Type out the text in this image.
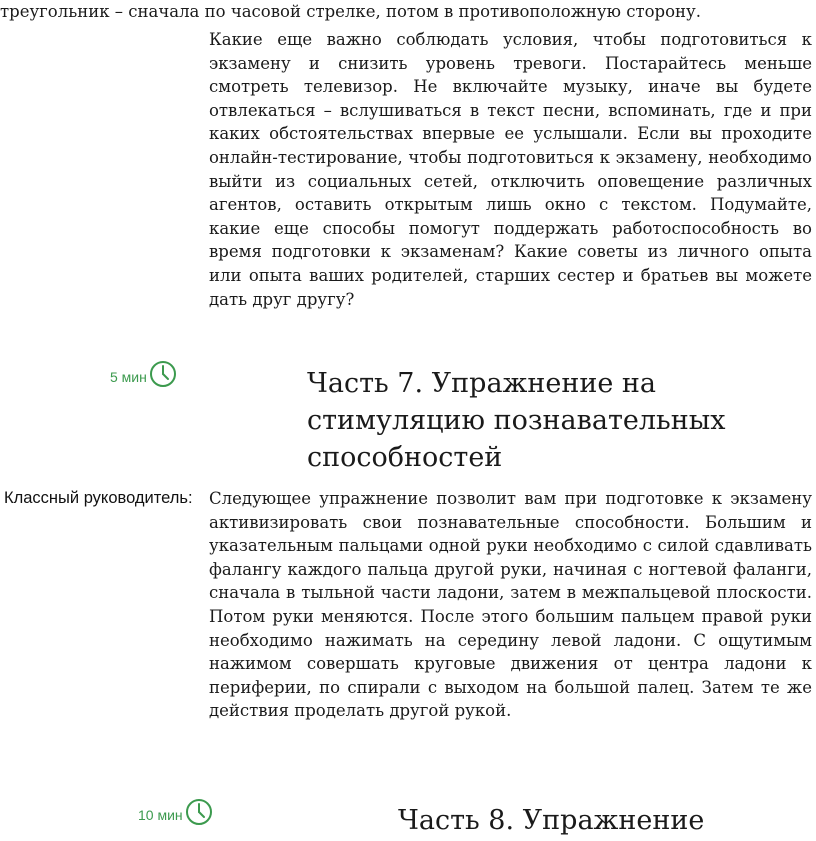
треугольник – сначала по часовой стрелке, потом в противоположную сторону.

Какие еще важно соблюдать условия, чтобы подготовиться к экзамену и снизить уровень тревоги. Постарайтесь меньше смотреть телевизор. Не включайте музыку, иначе вы будете отвлекаться – вслушиваться в текст песни, вспоминать, где и при каких обстоятельствах впервые ее услышали. Если вы проходите онлайн-тестирование, чтобы подготовиться к экзамену, необходимо выйти из социальных сетей, отключить оповещение различных агентов, оставить открытым лишь окно с текстом. Подумайте, какие еще способы помогут поддержать работоспособность во время подготовки к экзаменам? Какие советы из личного опыта или опыта ваших родителей, старших сестер и братьев вы можете дать друг другу?

5 мин	Часть 7. Упражнение на стимуляцию познавательных способностей
Классный руководитель: Следующее упражнение позволит вам при подготовке к экзамену активизировать свои познавательные способности. Большим и указательным пальцами одной руки необходимо с силой сдавливать фалангу каждого пальца другой руки, начиная с ногтевой фаланги, сначала в тыльной части ладони, затем в межпальцевой плоскости. Потом руки меняются. После этого большим пальцем правой руки необходимо нажимать на середину левой ладони. С ощутимым нажимом совершать круговые движения от центра ладони к периферии, по спирали с выходом на большой палец. Затем те же действия проделать другой рукой.

10 мин	Часть 8. Упражнение
